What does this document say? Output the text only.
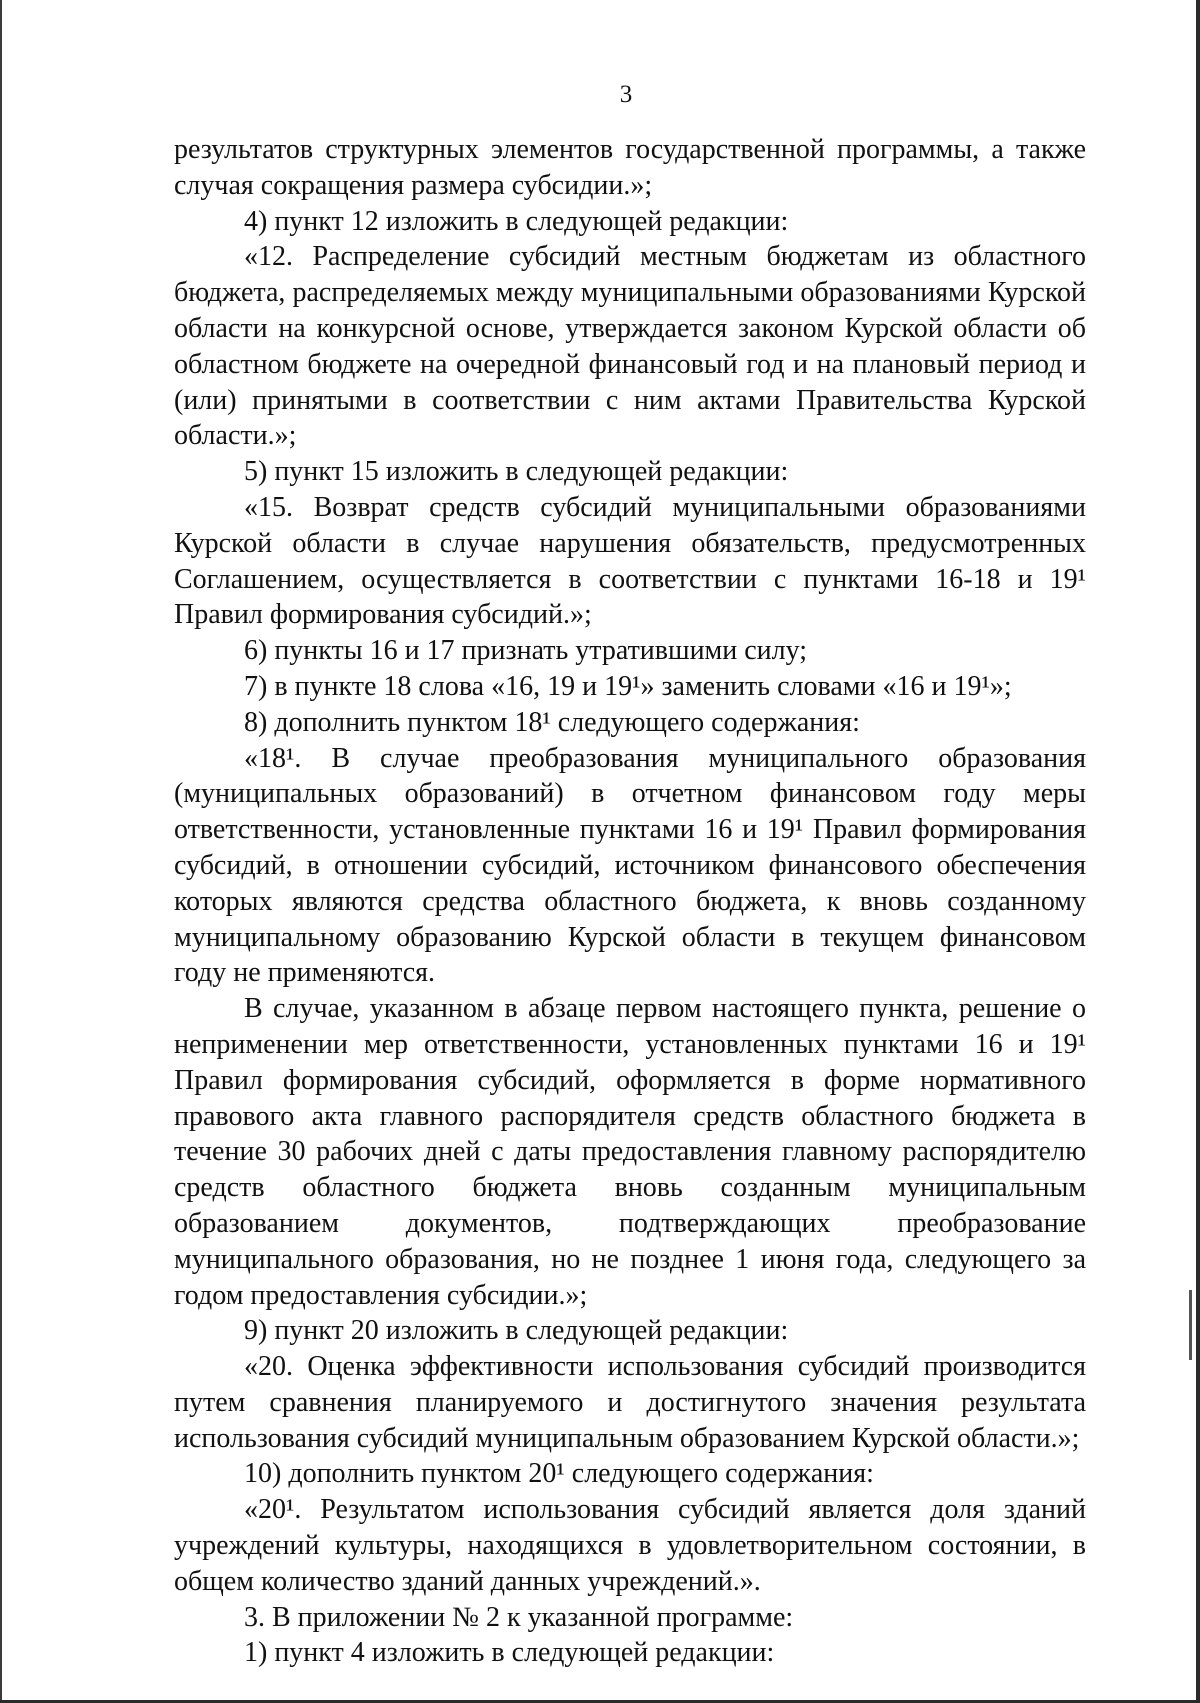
3

результатов структурных элементов государственной программы, а также случая сокращения размера субсидии.»;

4) пункт 12 изложить в следующей редакции:

«12. Распределение субсидий местным бюджетам из областного бюджета, распределяемых между муниципальными образованиями Курской области на конкурсной основе, утверждается законом Курской области об областном бюджете на очередной финансовый год и на плановый период и (или) принятыми в соответствии с ним актами Правительства Курской области.»;

5) пункт 15 изложить в следующей редакции:

«15. Возврат средств субсидий муниципальными образованиями Курской области в случае нарушения обязательств, предусмотренных Соглашением, осуществляется в соответствии с пунктами 16-18 и 19¹ Правил формирования субсидий.»;

6) пункты 16 и 17 признать утратившими силу;

7) в пункте 18 слова «16, 19 и 19¹» заменить словами «16 и 19¹»;

8) дополнить пунктом 18¹ следующего содержания:

«18¹. В случае преобразования муниципального образования (муниципальных образований) в отчетном финансовом году меры ответственности, установленные пунктами 16 и 19¹ Правил формирования субсидий, в отношении субсидий, источником финансового обеспечения которых являются средства областного бюджета, к вновь созданному муниципальному образованию Курской области в текущем финансовом году не применяются.

В случае, указанном в абзаце первом настоящего пункта, решение о неприменении мер ответственности, установленных пунктами 16 и 19¹ Правил формирования субсидий, оформляется в форме нормативного правового акта главного распорядителя средств областного бюджета в течение 30 рабочих дней с даты предоставления главному распорядителю средств областного бюджета вновь созданным муниципальным образованием документов, подтверждающих преобразование муниципального образования, но не позднее 1 июня года, следующего за годом предоставления субсидии.»;

9) пункт 20 изложить в следующей редакции:

«20. Оценка эффективности использования субсидий производится путем сравнения планируемого и достигнутого значения результата использования субсидий муниципальным образованием Курской области.»;

10) дополнить пунктом 20¹ следующего содержания:

«20¹. Результатом использования субсидий является доля зданий учреждений культуры, находящихся в удовлетворительном состоянии, в общем количество зданий данных учреждений.».

3. В приложении № 2 к указанной программе:

1) пункт 4 изложить в следующей редакции:
